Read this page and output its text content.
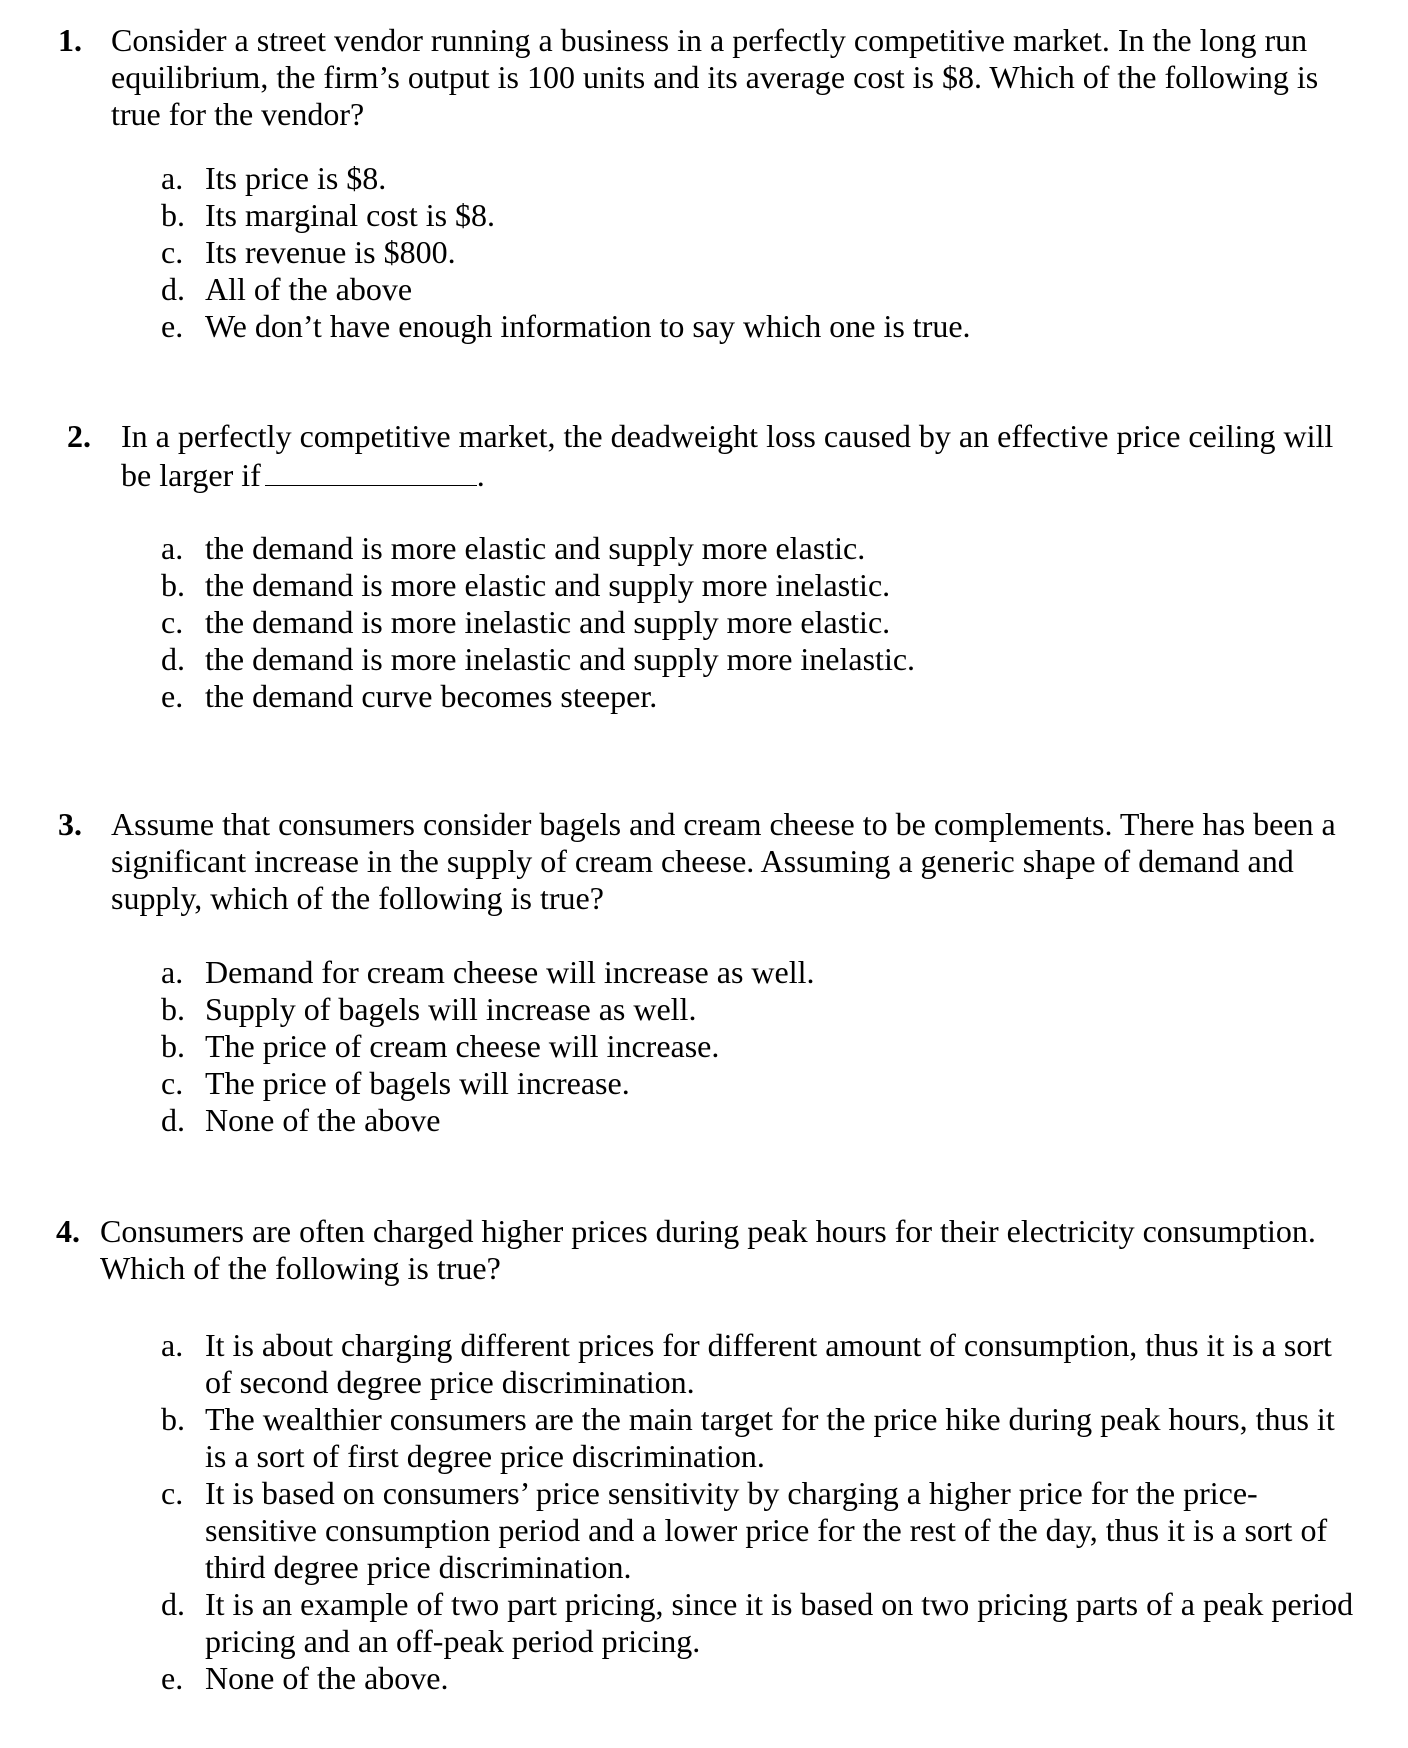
1. Consider a street vendor running a business in a perfectly competitive market. In the long run equilibrium, the firm’s output is 100 units and its average cost is $8. Which of the following is true for the vendor?
a. Its price is $8.
b. Its marginal cost is $8.
c. Its revenue is $800.
d. All of the above
e. We don’t have enough information to say which one is true.
2. In a perfectly competitive market, the deadweight loss caused by an effective price ceiling will be larger if	.
a. the demand is more elastic and supply more elastic.
b. the demand is more elastic and supply more inelastic.
c. the demand is more inelastic and supply more elastic.
d. the demand is more inelastic and supply more inelastic.
e. the demand curve becomes steeper.
3. Assume that consumers consider bagels and cream cheese to be complements. There has been a significant increase in the supply of cream cheese. Assuming a generic shape of demand and supply, which of the following is true?
a. Demand for cream cheese will increase as well.
b. Supply of bagels will increase as well.
b. The price of cream cheese will increase.
c. The price of bagels will increase.
d. None of the above
4. Consumers are often charged higher prices during peak hours for their electricity consumption. Which of the following is true?
a. It is about charging different prices for different amount of consumption, thus it is a sort of second degree price discrimination.
b. The wealthier consumers are the main target for the price hike during peak hours, thus it is a sort of first degree price discrimination.
c. It is based on consumers’ price sensitivity by charging a higher price for the price-sensitive consumption period and a lower price for the rest of the day, thus it is a sort of third degree price discrimination.
d. It is an example of two part pricing, since it is based on two pricing parts of a peak period pricing and an off-peak period pricing.
e. None of the above.
